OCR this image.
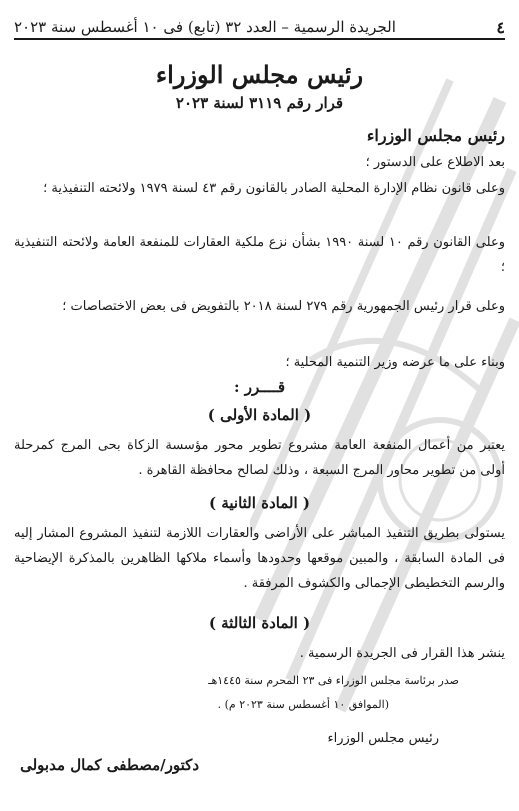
٤
الجريدة الرسمية – العدد ٣٢ (تابع) فى ١٠ أغسطس سنة ٢٠٢٣
رئيس مجلس الوزراء
قرار رقم ٣١١٩ لسنة ٢٠٢٣
رئيس مجلس الوزراء
بعد الاطلاع على الدستور ؛
وعلى قانون نظام الإدارة المحلية الصادر بالقانون رقم ٤٣ لسنة ١٩٧٩ ولائحته التنفيذية ؛
وعلى القانون رقم ١٠ لسنة ١٩٩٠ بشأن نزع ملكية العقارات للمنفعة العامة ولائحته التنفيذية ؛
وعلى قرار رئيس الجمهورية رقم ٢٧٩ لسنة ٢٠١٨ بالتفويض فى بعض الاختصاصات ؛
وبناء على ما عرضه وزير التنمية المحلية ؛
قــــرر :
( المادة الأولى )
يعتبر من أعمال المنفعة العامة مشروع تطوير محور مؤسسة الزكاة بحى المرج كمرحلة أولى من تطوير محاور المرج السبعة ، وذلك لصالح محافظة القاهرة .
( المادة الثانية )
يستولى بطريق التنفيذ المباشر على الأراضى والعقارات اللازمة لتنفيذ المشروع المشار إليه فى المادة السابقة ، والمبين موقعها وحدودها وأسماء ملاكها الظاهرين بالمذكرة الإيضاحية والرسم التخطيطى الإجمالى والكشوف المرفقة .
( المادة الثالثة )
ينشر هذا القرار فى الجريدة الرسمية .
صدر برئاسة مجلس الوزراء فى ٢٣ المحرم سنة ١٤٤٥هـ
(الموافق ١٠ أغسطس سنة ٢٠٢٣ م) .
رئيس مجلس الوزراء
دكتور/مصطفى كمال مدبولى
